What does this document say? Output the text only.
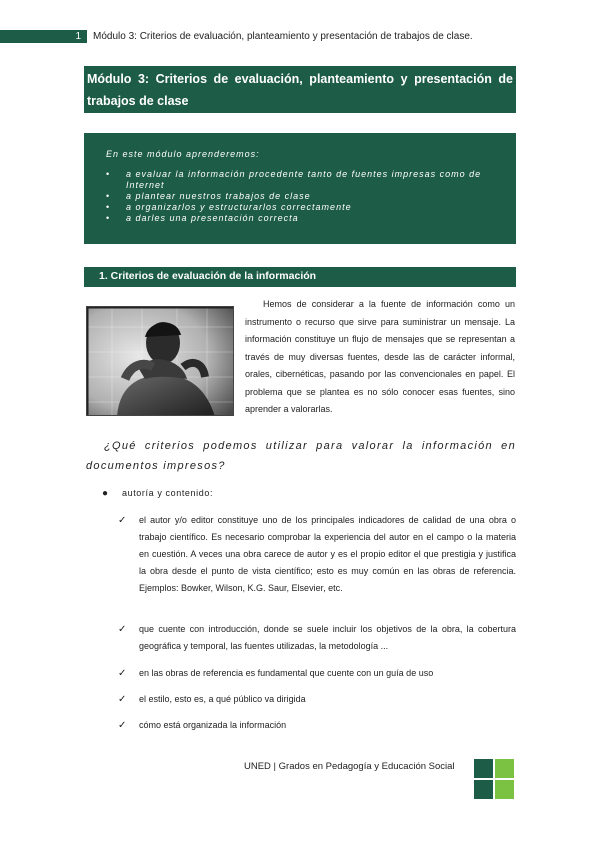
1	Módulo 3: Criterios de evaluación, planteamiento y presentación de trabajos de clase.
Módulo 3: Criterios de evaluación, planteamiento y presentación de trabajos de clase
En este módulo aprenderemos:
• a evaluar la información procedente tanto de fuentes impresas como de Internet
• a plantear nuestros trabajos de clase
• a organizarlos y estructurarlos correctamente
• a darles una presentación correcta
1. Criterios de evaluación de la información

Hemos de considerar a la fuente de información como un instrumento o recurso que sirve para suministrar un mensaje. La información constituye un flujo de mensajes que se representan a través de muy diversas fuentes, desde las de carácter informal, orales, cibernéticas, pasando por las convencionales en papel. El problema que se plantea es no sólo conocer esas fuentes, sino aprender a valorarlas.

¿Qué criterios podemos utilizar para valorar la información en documentos impresos?

● autoría y contenido:
✓	el autor y/o editor constituye uno de los principales indicadores de calidad de una obra o trabajo científico. Es necesario comprobar la experiencia del autor en el campo o la materia en cuestión. A veces una obra carece de autor y es el propio editor el que prestigia y justifica la obra desde el punto de vista científico; esto es muy común en las obras de referencia. Ejemplos: Bowker, Wilson, K.G. Saur, Elsevier, etc.
✓	que cuente con introducción, donde se suele incluir los objetivos de la obra, la cobertura geográfica y temporal, las fuentes utilizadas, la metodología ...
✓	en las obras de referencia es fundamental que cuente con un guía de uso
✓	el estilo, esto es, a qué público va dirigida
✓	cómo está organizada la información
UNED | Grados en Pedagogía y Educación Social
